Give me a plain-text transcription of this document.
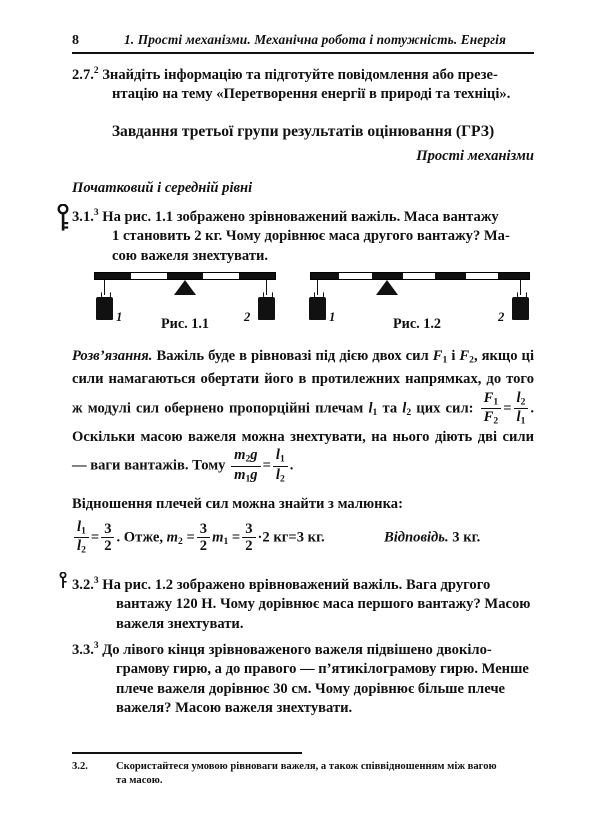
8	1. Прості механізми. Механічна робота і потужність. Енергія
2.7.$^2$ Знайдіть інформацію та підготуйте повідомлення або презе-
нтацію на тему «Перетворення енергії в природі та техніці».
Завдання третьої групи результатів оцінювання (ГРЗ)
Прості механізми
Початковий і середній рівні
3.1.$^3$ На рис. 1.1 зображено зрівноважений важіль. Маса вантажу
1 становить 2 кг. Чому дорівнює маса другого вантажу? Ма-
сою важеля знехтувати.
1	2
Рис. 1.1	1	2
Рис. 1.2
Розв’язання. Важіль буде в рівновазі під дією двох сил $F_1$ і $F_2$, якщо ці сили намагаються обертати його в протилежних напрямках, до того ж модулі сил обернено пропорційні плечам $l_1$ та $l_2$ цих сил: $\frac{F_1}{F_2} = \frac{l_2}{l_1}$ . Оскільки масою важеля можна знехтувати, на нього діють дві сили — ваги вантажів. Тому $\frac{m_2g}{m_1g} = \frac{l_1}{l_2}$ .
Відношення плечей сил можна знайти з малюнка:
$\frac{l_1}{l_2} = \frac{3}{2}$ . Отже, $m_2 = \frac{3}{2} m_1 = \frac{3}{2} \cdot 2$ кг=3 кг.	Відповідь. 3 кг.
3.2.$^3$ На рис. 1.2 зображено врівноважений важіль. Вага другого
вантажу 120 Н. Чому дорівнює маса першого вантажу? Масою
важеля знехтувати.
3.3.$^3$ До лівого кінця зрівноваженого важеля підвішено двокіло-
грамову гирю, а до правого — п’ятикілограмову гирю. Менше
плече важеля дорівнює 30 см. Чому дорівнює більше плече
важеля? Масою важеля знехтувати.
3.2.	Скористайтеся умовою рівноваги важеля, а також співвідношенням між вагою
та масою.
